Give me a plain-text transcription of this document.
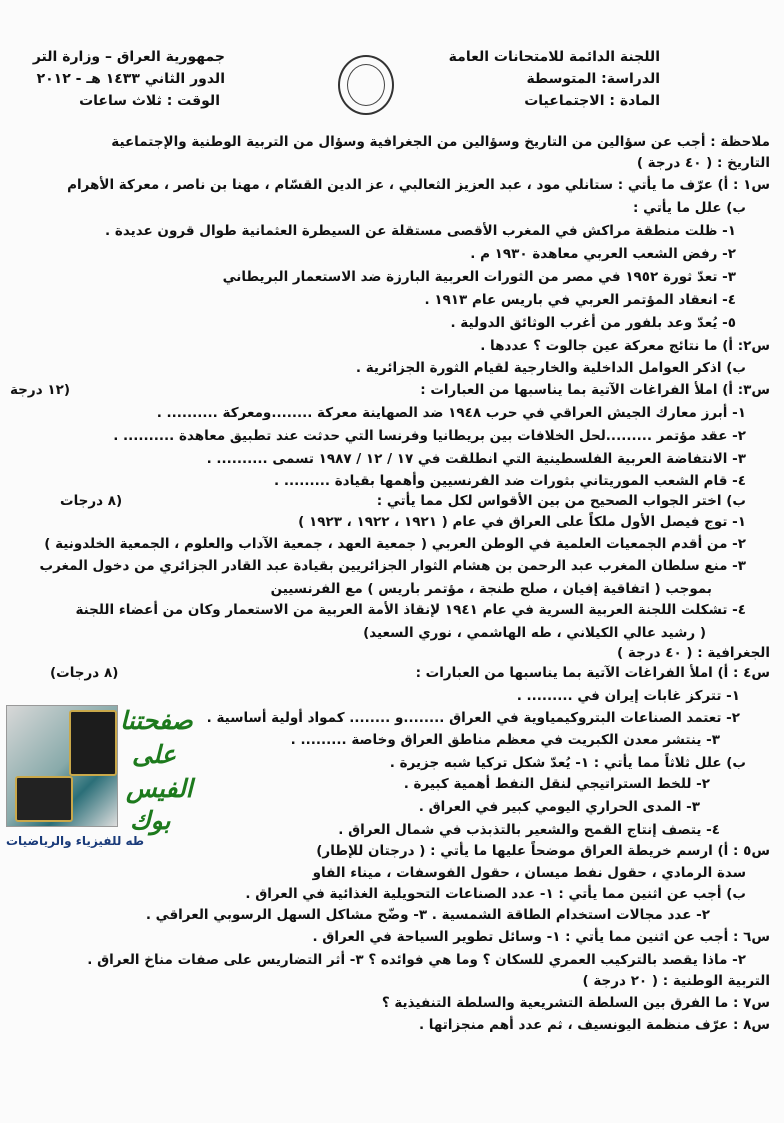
اللجنة الدائمة للامتحانات العامة
الدراسة: المتوسطة
المادة : الاجتماعيات
جمهورية العراق – وزارة التر
الدور الثاني ١٤٣٣ هـ - ٢٠١٢
الوقت : ثلاث ساعات
ملاحظة : أجب عن سؤالين من التاريخ وسؤالين من الجغرافية وسؤال من التربية الوطنية والإجتماعية
التاريخ : ( ٤٠ درجة )
س١ : أ) عرّف ما يأتي : ستانلي مود ، عبد العزيز الثعالبي ، عز الدين القسّام ، مهنا بن ناصر ، معركة الأهرام
ب) علل ما يأتي :
١- ظلت منطقة مراكش في المغرب الأقصى مستقلة عن السيطرة العثمانية طوال قرون عديدة .
٢- رفض الشعب العربي معاهدة ١٩٣٠ م .
٣- تعدّ ثورة ١٩٥٢ في مصر من الثورات العربية البارزة ضد الاستعمار البريطاني
٤- انعقاد المؤتمر العربي في باريس عام ١٩١٣ .
٥- يُعدّ وعد بلفور من أغرب الوثائق الدولية .
س٢: أ) ما نتائج معركة عين جالوت ؟ عددها .
ب) اذكر العوامل الداخلية والخارجية لقيام الثورة الجزائرية .
س٣: أ) املأ الفراغات الآتية بما يناسبها من العبارات :
(١٢ درجة
١- أبرز معارك الجيش العراقي في حرب ١٩٤٨ ضد الصهاينة معركة ........ومعركة .......... .
٢- عقد مؤتمر .........لحل الخلافات بين بريطانيا وفرنسا التي حدثت عند تطبيق معاهدة .......... .
٣- الانتفاضة العربية الفلسطينية التي انطلقت في ١٧ / ١٢ / ١٩٨٧ تسمى .......... .
٤- قام الشعب الموريتاني بثورات ضد الفرنسيين وأهمها بقيادة ......... .
ب) اختر الجواب الصحيح من بين الأقواس لكل مما يأتي :
(٨ درجات
١- توج فيصل الأول ملكاً على العراق في عام ( ١٩٢١ ، ١٩٢٢ ، ١٩٢٣ )
٢- من أقدم الجمعيات العلمية في الوطن العربي ( جمعية العهد ، جمعية الآداب والعلوم ، الجمعية الخلدونية )
٣- منع سلطان المغرب عبد الرحمن بن هشام الثوار الجزائريين بقيادة عبد القادر الجزائري من دخول المغرب
بموجب ( اتفاقية إفيان ، صلح طنجة ، مؤتمر باريس ) مع الفرنسيين
٤- تشكلت اللجنة العربية السرية في عام ١٩٤١ لإنقاذ الأمة العربية من الاستعمار وكان من أعضاء اللجنة
( رشيد عالي الكيلاني ، طه الهاشمي ، نوري السعيد)
الجغرافية : ( ٤٠ درجة )
س٤ : أ) املأ الفراغات الآتية بما يناسبها من العبارات :
(٨ درجات)
١- تتركز غابات إيران في ......... .
٢- تعتمد الصناعات البتروكيمياوية في العراق ........و ........ كمواد أولية أساسية .
٣- ينتشر معدن الكبريت في معظم مناطق العراق وخاصة ......... .
ب) علل ثلاثاً مما يأتي : ١- يُعدّ شكل تركيا شبه جزيرة .
٢- للخط الستراتيجي لنقل النفط أهمية كبيرة .
٣- المدى الحراري اليومي كبير في العراق .
٤- يتصف إنتاج القمح والشعير بالتذبذب في شمال العراق .
س٥ : أ) ارسم خريطة العراق موضحاً عليها ما يأتي : ( درجتان للإطار)
سدة الرمادي ، حقول نفط ميسان ، حقول الفوسفات ، ميناء الفاو
ب) أجب عن اثنين مما يأتي : ١- عدد الصناعات التحويلية الغذائية في العراق .
٢- عدد مجالات استخدام الطاقة الشمسية . ٣- وضّح مشاكل السهل الرسوبي العراقي .
س٦ : أجب عن اثنين مما يأتي : ١- وسائل تطوير السياحة في العراق .
٢- ماذا يقصد بالتركيب العمري للسكان ؟ وما هي فوائده ؟ ٣- أثر التضاريس على صفات مناخ العراق .
التربية الوطنية : ( ٢٠ درجة )
س٧ : ما الفرق بين السلطة التشريعية والسلطة التنفيذية ؟
س٨ : عرّف منظمة اليونسيف ، ثم عدد أهم منجزاتها .
صفحتنا
على
الفيس
بوك
طه للفيزياء والرياضيات
